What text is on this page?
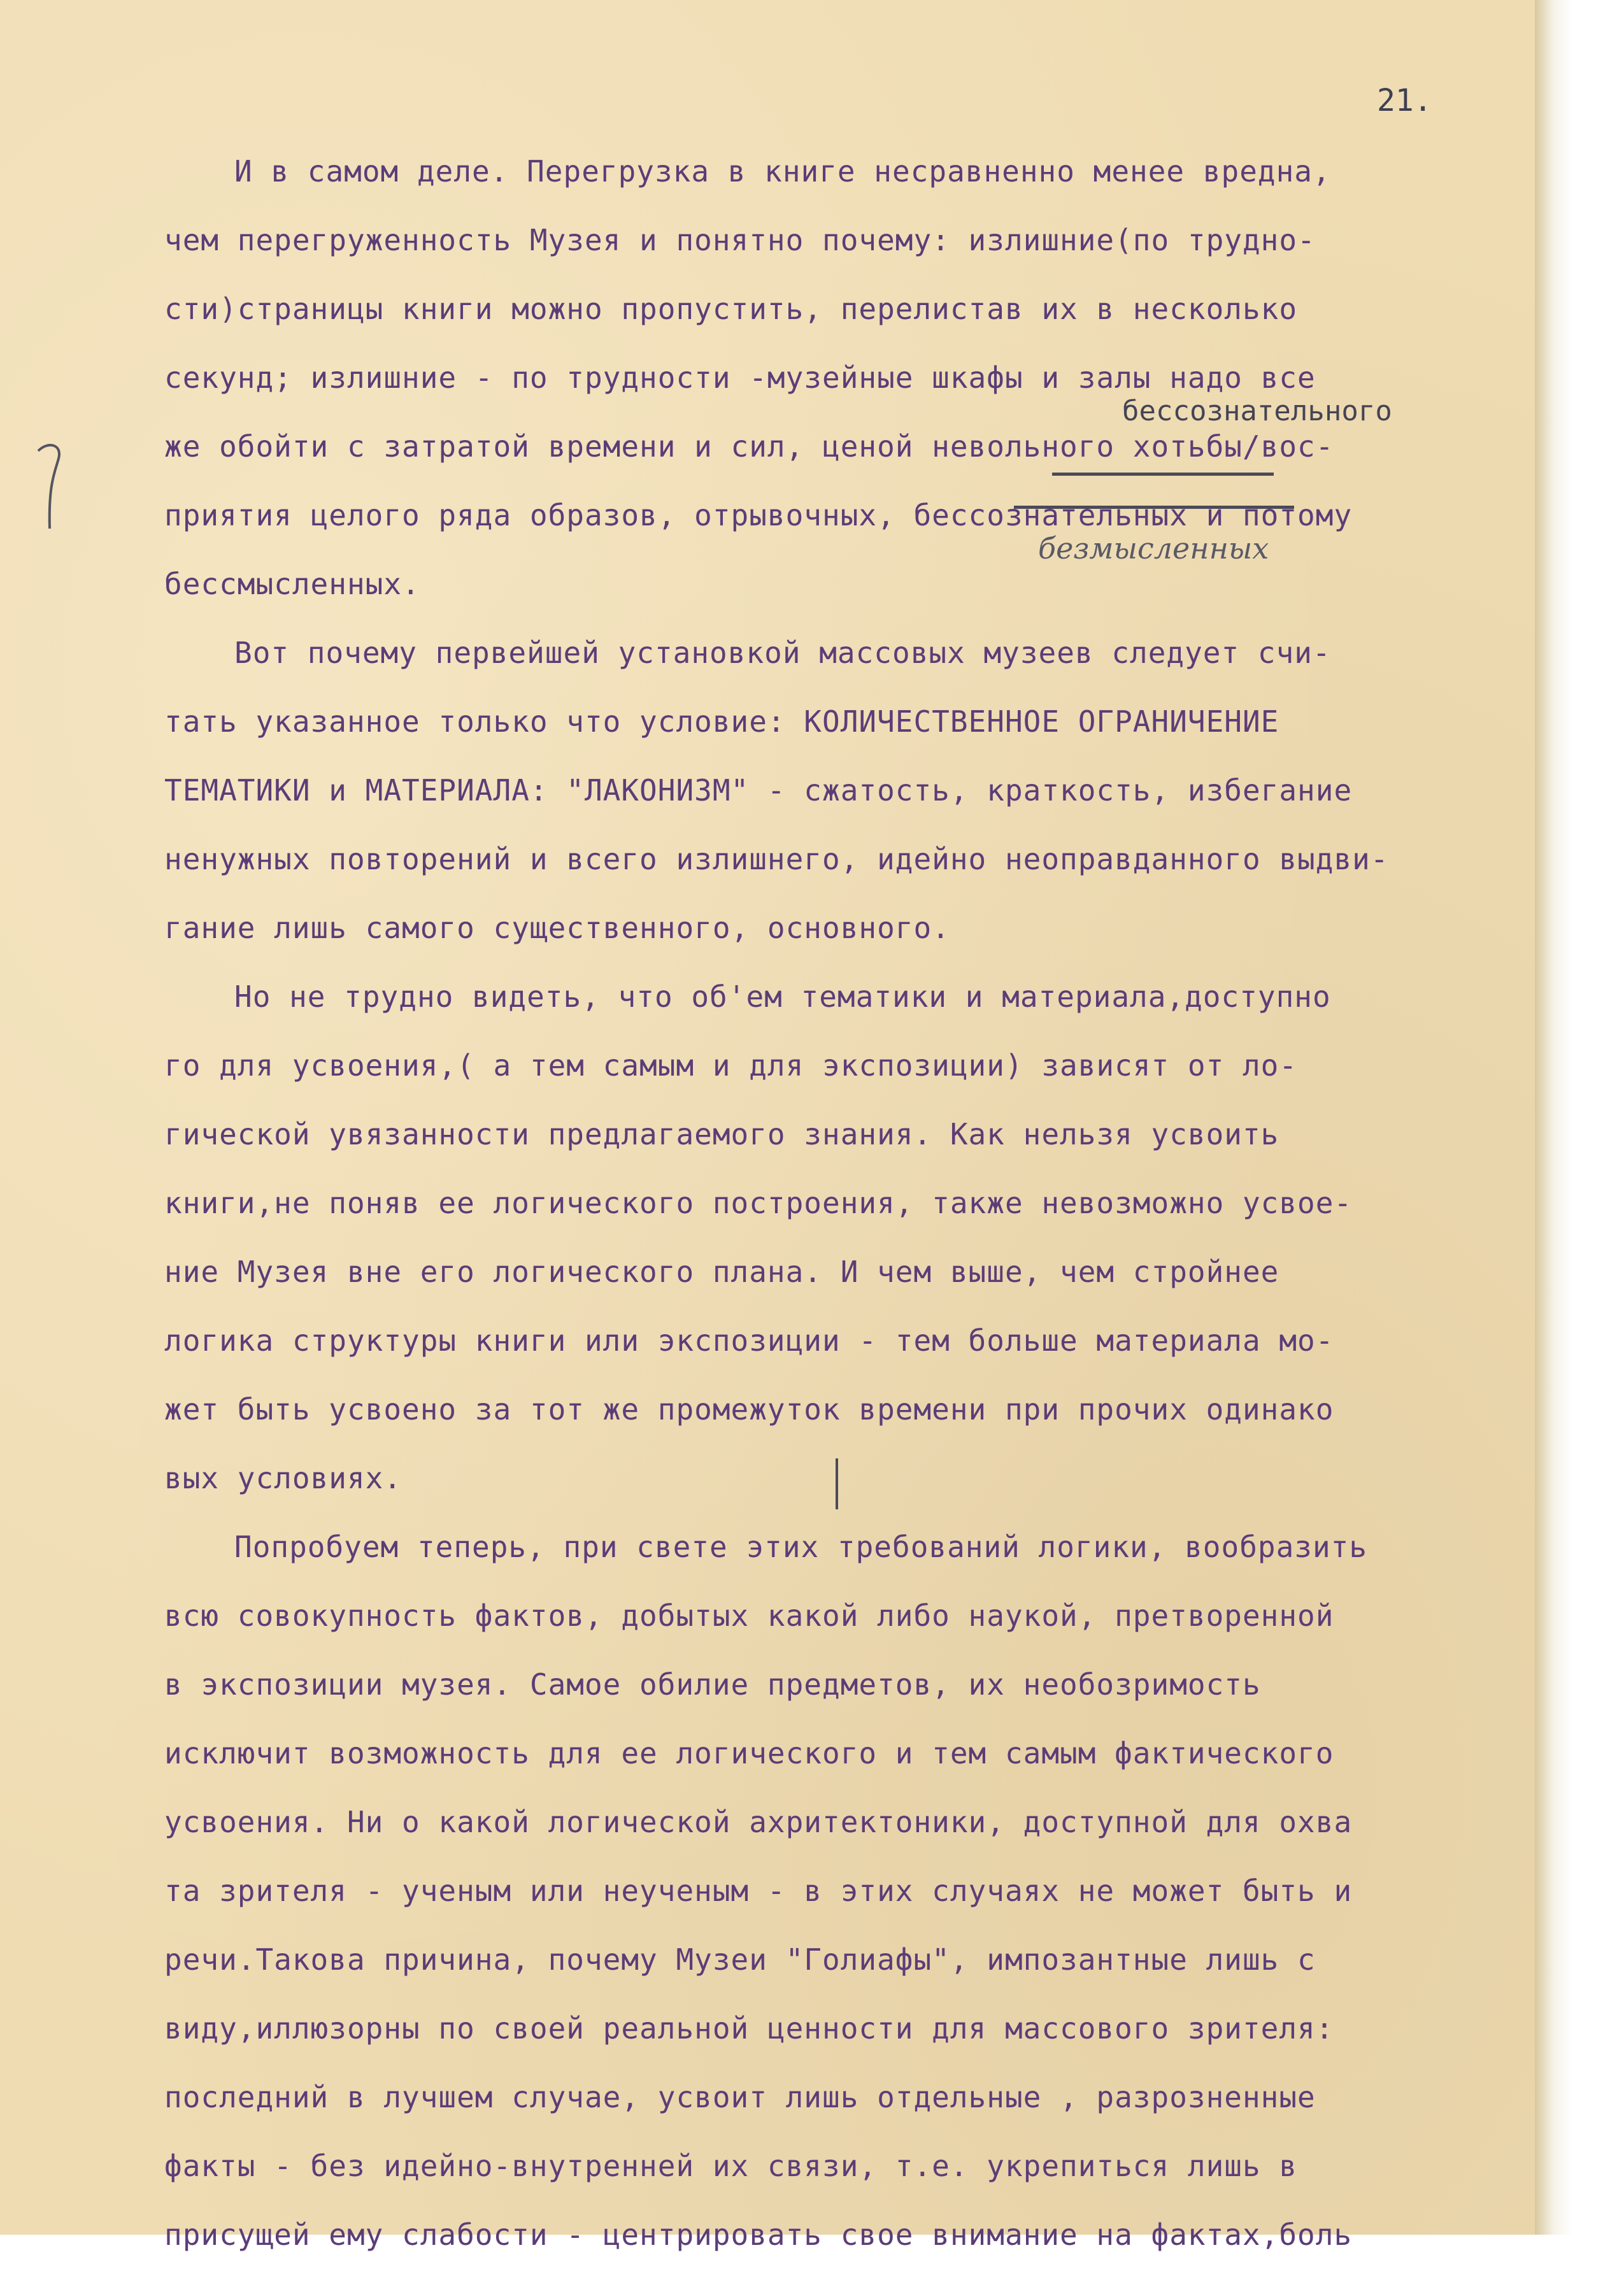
21.
бессознательного
безмысленных
И в самом деле. Перегрузка в книге несравненно менее вредна,
чем перегруженность Музея и понятно почему: излишние(по трудно-
сти)страницы книги можно пропустить, перелистав их в несколько
секунд; излишние - по трудности -музейные шкафы и залы надо все
же обойти с затратой времени и сил, ценой невольного хотьбы/вос-
приятия целого ряда образов, отрывочных, бессознательных и потому
бессмысленных.
Вот почему первейшей установкой массовых музеев следует счи-
тать указанное только что условие: КОЛИЧЕСТВЕННОЕ ОГРАНИЧЕНИЕ
ТЕМАТИКИ и МАТЕРИАЛА: "ЛАКОНИЗМ" - сжатость, краткость, избегание
ненужных повторений и всего излишнего, идейно неоправданного выдви-
гание лишь самого существенного, основного.
Но не трудно видеть, что об'ем тематики и материала,доступно
го для усвоения,( а тем самым и для экспозиции) зависят от ло-
гической увязанности предлагаемого знания. Как нельзя усвоить
книги,не поняв ее логического построения, также невозможно усвое-
ние Музея вне его логического плана. И чем выше, чем стройнее
логика структуры книги или экспозиции - тем больше материала мо-
жет быть усвоено за тот же промежуток времени при прочих одинако
вых условиях.
Попробуем теперь, при свете этих требований логики, вообразить
всю совокупность фактов, добытых какой либо наукой, претворенной
в экспозиции музея. Самое обилие предметов, их необозримость
исключит возможность для ее логического и тем самым фактического
усвоения. Ни о какой логической ахритектоники, доступной для охва
та зрителя - ученым или неученым - в этих случаях не может быть и
речи.Такова причина, почему Музеи "Голиафы", импозантные лишь с
виду,иллюзорны по своей реальной ценности для массового зрителя:
последний в лучшем случае, усвоит лишь отдельные , разрозненные
факты - без идейно-внутренней их связи, т.е. укрепиться лишь в
присущей ему слабости - центрировать свое внимание на фактах,боль
